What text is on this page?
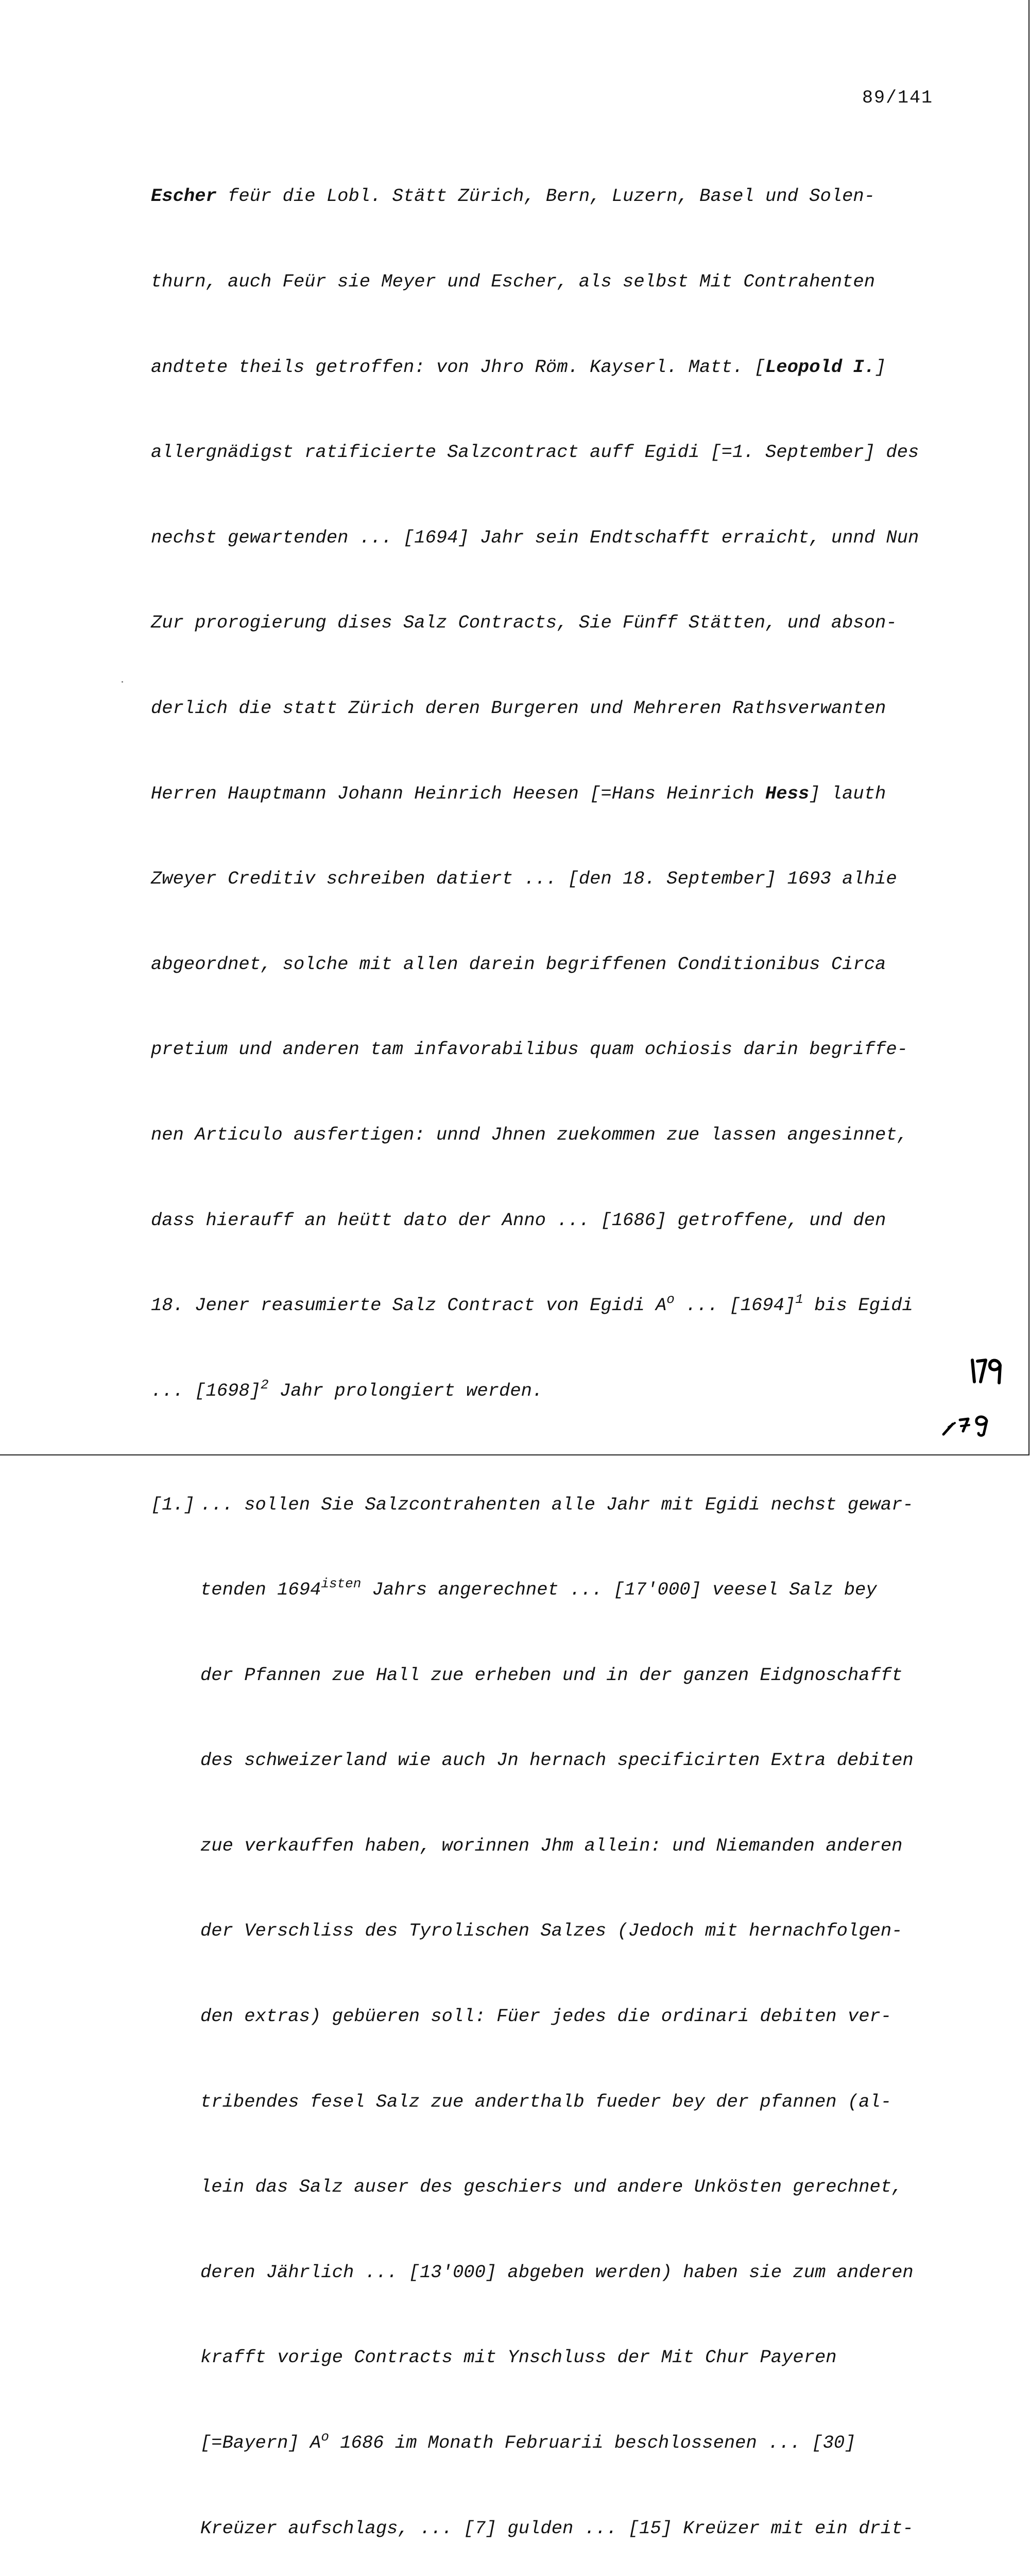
89/141

Escher feür die Lobl. Stätt Zürich, Bern, Luzern, Basel und Solen-

thurn, auch Feür sie Meyer und Escher, als selbst Mit Contrahenten

andtete theils getroffen: von Jhro Röm. Kayserl. Matt. [Leopold I.]

allergnädigst ratificierte Salzcontract auff Egidi [=1. September] des

nechst gewartenden ... [1694] Jahr sein Endtschafft erraicht, unnd Nun

Zur prorogierung dises Salz Contracts, Sie Fünff Stätten, und abson-

derlich die statt Zürich deren Burgeren und Mehreren Rathsverwanten

Herren Hauptmann Johann Heinrich Heesen [=Hans Heinrich Hess] lauth

Zweyer Creditiv schreiben datiert ... [den 18. September] 1693 alhie

abgeordnet, solche mit allen darein begriffenen Conditionibus Circa

pretium und anderen tam infavorabilibus quam ochiosis darin begriffe-

nen Articulo ausfertigen: unnd Jhnen zuekommen zue lassen angesinnet,

dass hierauff an heütt dato der Anno ... [1686] getroffene, und den

18. Jener reasumierte Salz Contract von Egidi $A^o$ ... $[1694]^1$ bis Egidi

... $[1698]^2$ Jahr prolongiert werden.

[1.] ... sollen Sie Salzcontrahenten alle Jahr mit Egidi nechst gewar-

tenden $1694^{isten}$ Jahrs angerechnet ... [17'000] veesel Salz bey

der Pfannen zue Hall zue erheben und in der ganzen Eidgnoschafft

des schweizerland wie auch Jn hernach specificirten Extra debiten

zue verkauffen haben, worinnen Jhm allein: und Niemanden anderen

der Verschliss des Tyrolischen Salzes (Jedoch mit hernachfolgen-

den extras) gebüeren soll: Füer jedes die ordinari debiten ver-

tribendes fesel Salz zue anderthalb fueder bey der pfannen (al-

lein das Salz auser des geschiers und andere Unkösten gerechnet,

deren Jährlich ... [13'000] abgeben werden) haben sie zum anderen

krafft vorige Contracts mit Ynschluss der Mit Chur Payeren

[=Bayern] $A^o$ 1686 im Monath Februarii beschlossenen ... [30]

Kreüzer aufschlags, ... [7] gulden ... [15] Kreüzer mit ein drit-
